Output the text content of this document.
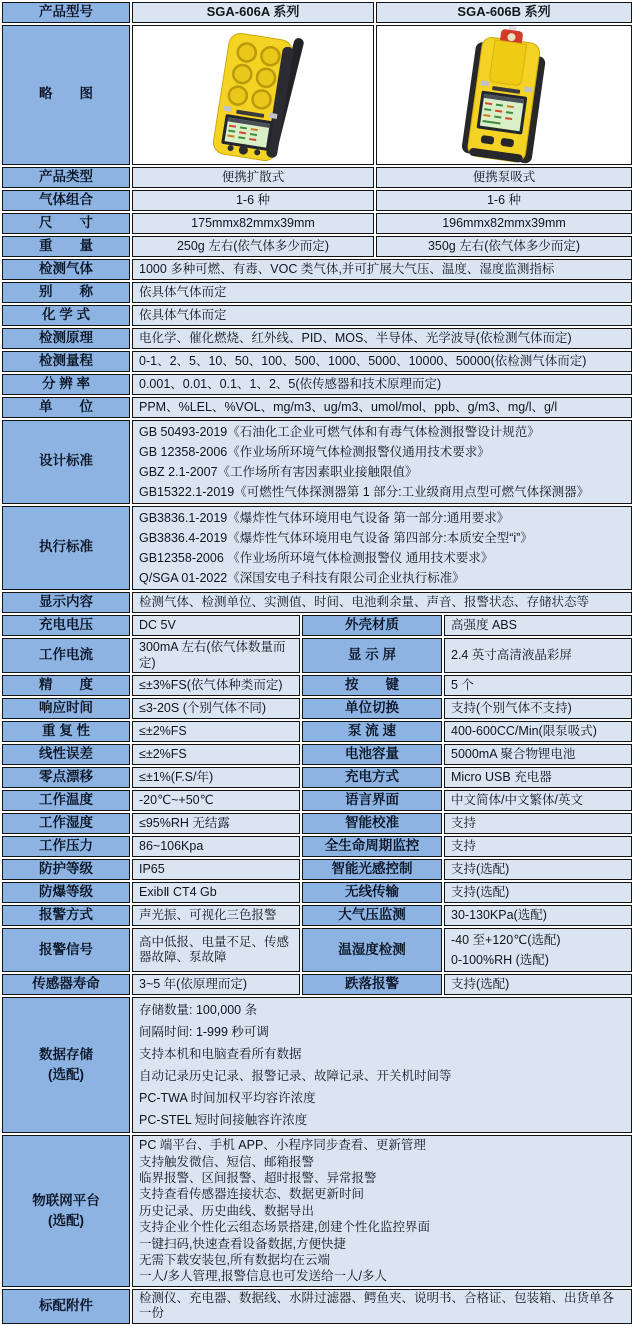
产品型号	SGA-606A 系列		SGA-606B 系列	
略　　图	

产品类型	便携扩散式		便携泵吸式	
气体组合	1-6 种		1-6 种	
尺　　寸	175mmx82mmx39mm		196mmx82mmx39mm	
重　　量	250g 左右(依气体多少而定)		350g 左右(依气体多少而定)	
检测气体	1000 多种可燃、有毒、VOC 类气体,并可扩展大气压、温度、湿度监测指标			
别　　称	依具体气体而定			
化 学 式	依具体气体而定			
检测原理	电化学、催化燃烧、红外线、PID、MOS、半导体、光学波导(依检测气体而定)			
检测量程	0-1、2、5、10、50、100、500、1000、5000、10000、50000(依检测气体而定)			
分 辨 率	0.001、0.01、0.1、1、2、5(依传感器和技术原理而定)			
单　　位	PPM、%LEL、%VOL、mg/m3、ug/m3、umol/mol、ppb、g/m3、mg/l、g/l			
设计标准	GB 50493-2019《石油化工企业可燃气体和有毒气体检测报警设计规范》
GB 12358-2006《作业场所环境气体检测报警仪通用技术要求》
GBZ 2.1-2007《工作场所有害因素职业接触限值》
GB15322.1-2019《可燃性气体探测器第 1 部分:工业级商用点型可燃气体探测器》			

执行标准	GB3836.1-2019《爆炸性气体环境用电气设备 第一部分:通用要求》
GB3836.4-2019《爆炸性气体环境用电气设备 第四部分:本质安全型“i”》
GB12358-2006 《作业场所环境气体检测报警仪 通用技术要求》
Q/SGA 01-2022《深国安电子科技有限公司企业执行标准》			

显示内容	检测气体、检测单位、实测值、时间、电池剩余量、声音、报警状态、存储状态等			
充电电压	DC 5V	外壳材质		高强度 ABS
工作电流	300mA 左右(依气体数量而定)	显 示 屏		2.4 英寸高清液晶彩屏
精　　度	≤±3%FS(依气体种类而定)	按　　键		5 个
响应时间	≤3-20S (个别气体不同)	单位切换		支持(个别气体不支持)
重 复 性	≤±2%FS	泵 流 速		400-600CC/Min(限泵吸式)
线性误差	≤±2%FS	电池容量		5000mA 聚合物锂电池
零点漂移	≤±1%(F.S/年)	充电方式		Micro USB 充电器
工作温度	-20℃~+50℃	语言界面		中文简体/中文繁体/英文
工作湿度	≤95%RH 无结露	智能校准		支持
工作压力	86~106Kpa	全生命周期监控		支持
防护等级	IP65	智能光感控制		支持(选配)
防爆等级	ExibⅡ CT4 Gb	无线传输		支持(选配)
报警方式	声光振、可视化三色报警	大气压监测		30-130KPa(选配)
报警信号	高中低报、电量不足、传感器故障、泵故障	温湿度检测		-40 至+120℃(选配)
0-100%RH (选配)

传感器寿命	3~5 年(依原理而定)	跌落报警		支持(选配)

数据存储
(选配)

存储数量: 100,000 条
间隔时间: 1-999 秒可调
支持本机和电脑查看所有数据
自动记录历史记录、报警记录、故障记录、开关机时间等
PC-TWA 时间加权平均容许浓度
PC-STEL 短时间接触容许浓度

物联网平台
(选配)

PC 端平台、手机 APP、小程序同步查看、更新管理
支持触发微信、短信、邮箱报警
临界报警、区间报警、超时报警、异常报警
支持查看传感器连接状态、数据更新时间
历史记录、历史曲线、数据导出
支持企业个性化云组态场景搭建,创建个性化监控界面
一键扫码,快速查看设备数据,方便快捷
无需下载安装包,所有数据均在云端
一人/多人管理,报警信息也可发送给一人/多人

标配附件	检测仪、充电器、数据线、水阱过滤器、鳄鱼夹、说明书、合格证、包装箱、出货单各一份			
